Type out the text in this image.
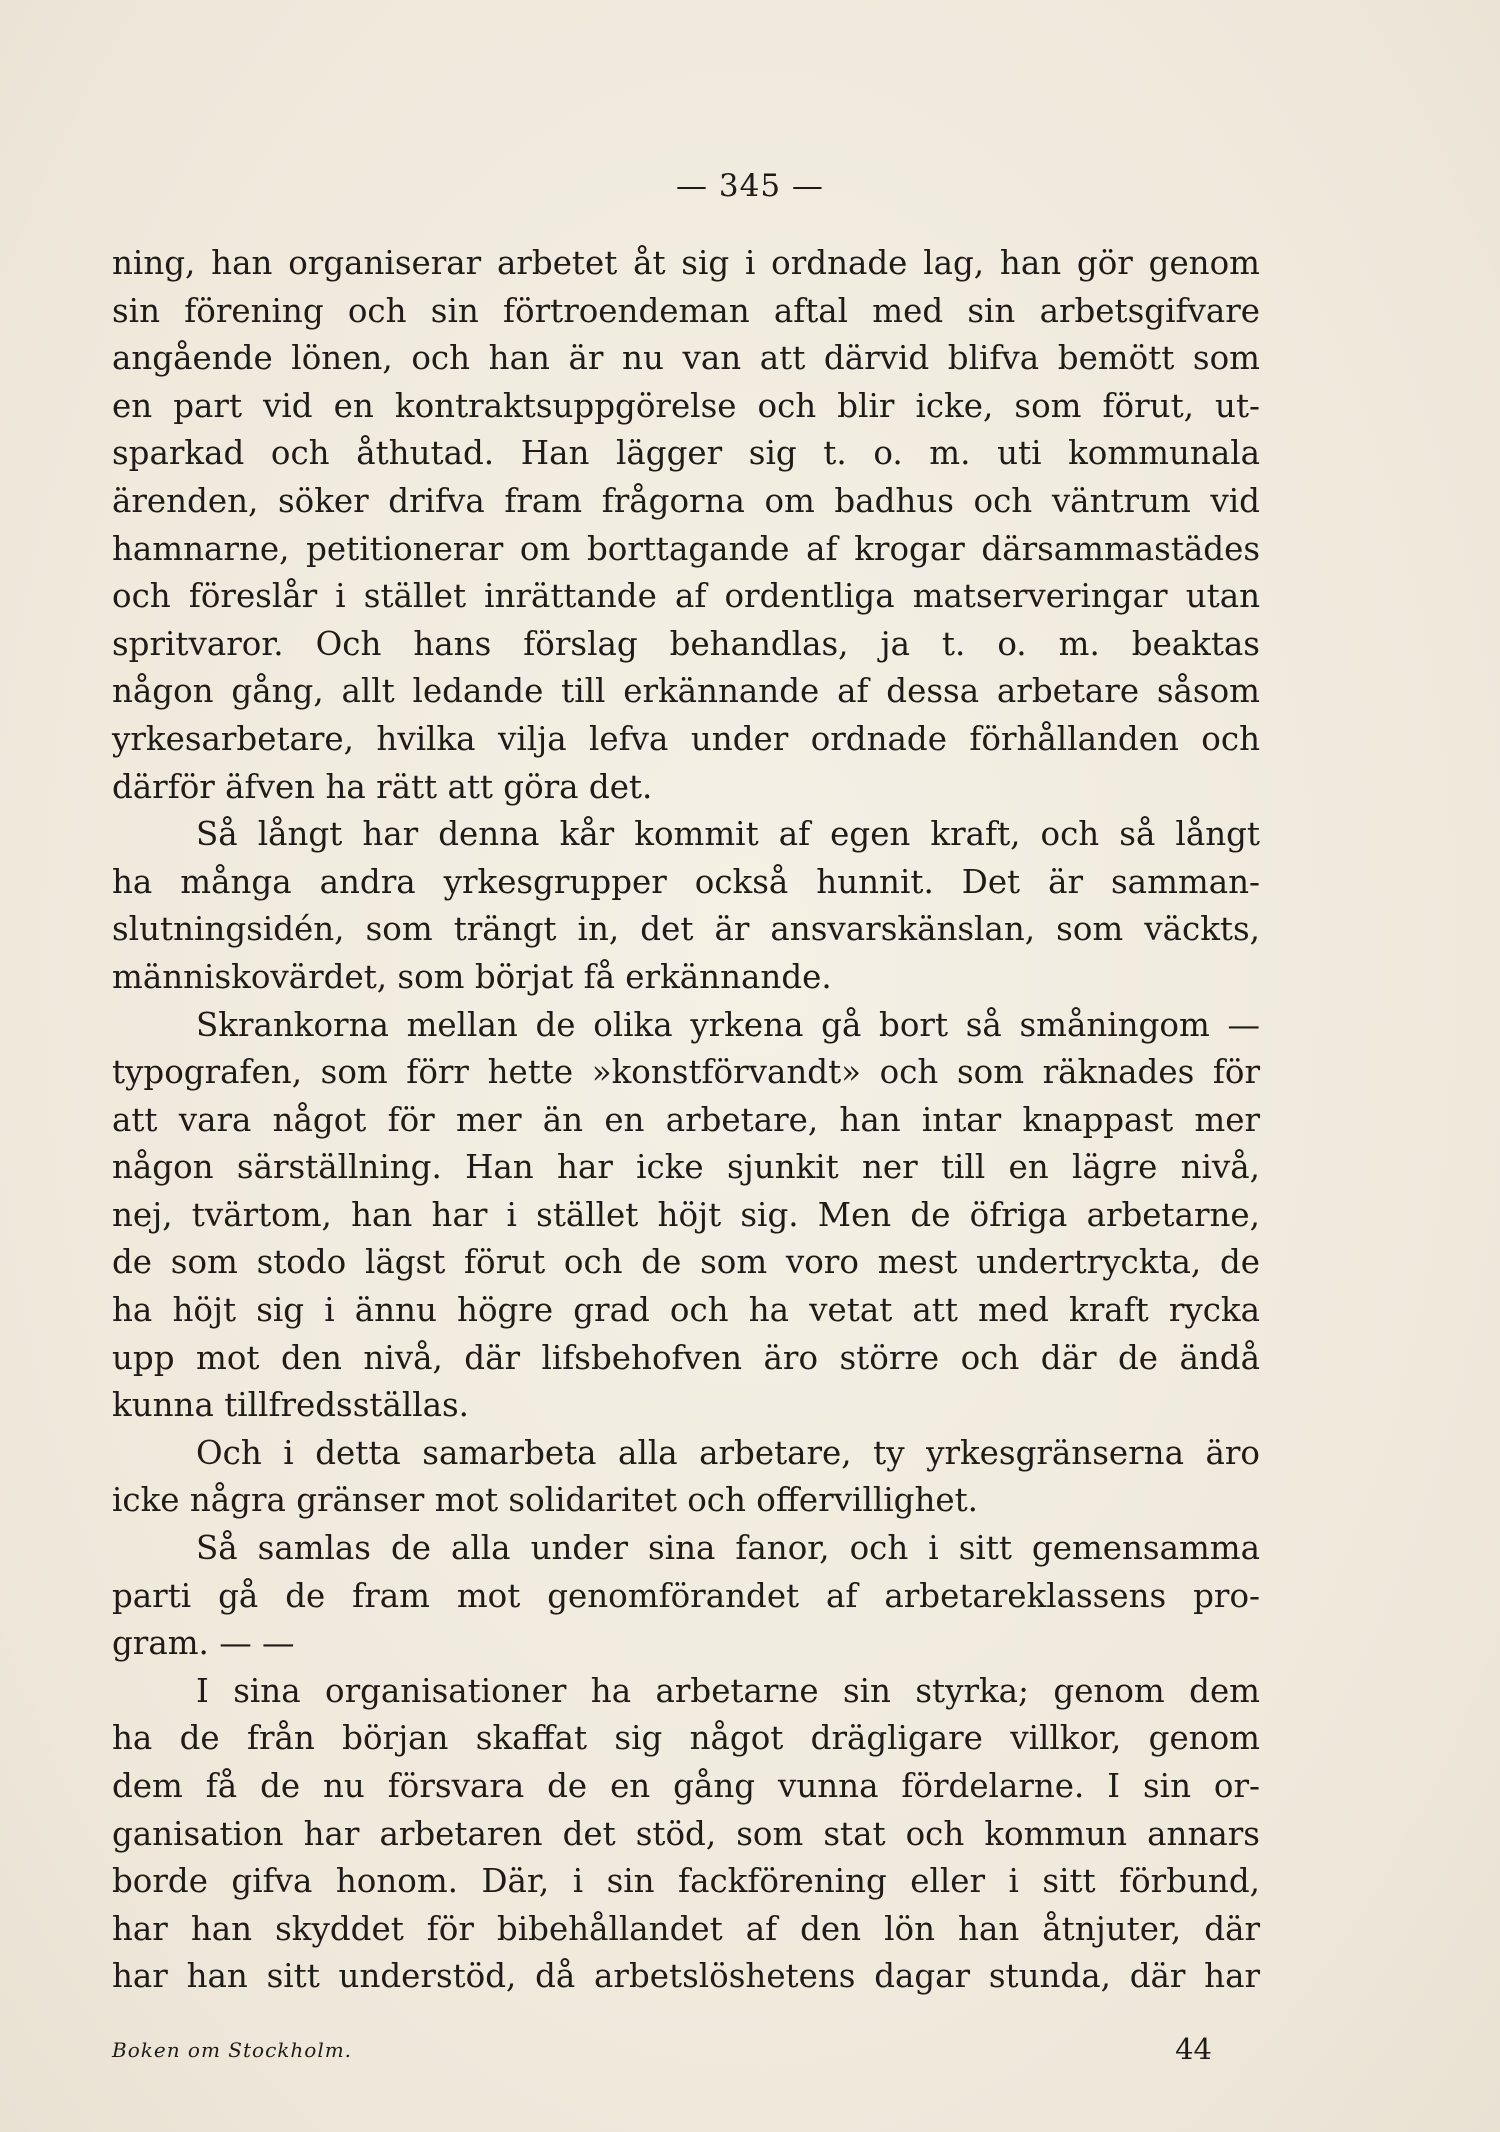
— 345 —
ning, han organiserar arbetet åt sig i ordnade lag, han gör genom
sin förening och sin förtroendeman aftal med sin arbetsgifvare
angående lönen, och han är nu van att därvid blifva bemött som
en part vid en kontraktsuppgörelse och blir icke, som förut, ut-
sparkad och åthutad. Han lägger sig t. o. m. uti kommunala
ärenden, söker drifva fram frågorna om badhus och väntrum vid
hamnarne, petitionerar om borttagande af krogar därsammastädes
och föreslår i stället inrättande af ordentliga matserveringar utan
spritvaror. Och hans förslag behandlas, ja t. o. m. beaktas
någon gång, allt ledande till erkännande af dessa arbetare såsom
yrkesarbetare, hvilka vilja lefva under ordnade förhållanden och
därför äfven ha rätt att göra det.
Så långt har denna kår kommit af egen kraft, och så långt
ha många andra yrkesgrupper också hunnit. Det är samman-
slutningsidén, som trängt in, det är ansvarskänslan, som väckts,
människovärdet, som börjat få erkännande.
Skrankorna mellan de olika yrkena gå bort så småningom —
typografen, som förr hette »konstförvandt» och som räknades för
att vara något för mer än en arbetare, han intar knappast mer
någon särställning. Han har icke sjunkit ner till en lägre nivå,
nej, tvärtom, han har i stället höjt sig. Men de öfriga arbetarne,
de som stodo lägst förut och de som voro mest undertryckta, de
ha höjt sig i ännu högre grad och ha vetat att med kraft rycka
upp mot den nivå, där lifsbehofven äro större och där de ändå
kunna tillfredsställas.
Och i detta samarbeta alla arbetare, ty yrkesgränserna äro
icke några gränser mot solidaritet och offervillighet.
Så samlas de alla under sina fanor, och i sitt gemensamma
parti gå de fram mot genomförandet af arbetareklassens pro-
gram. — —
I sina organisationer ha arbetarne sin styrka; genom dem
ha de från början skaffat sig något drägligare villkor, genom
dem få de nu försvara de en gång vunna fördelarne. I sin or-
ganisation har arbetaren det stöd, som stat och kommun annars
borde gifva honom. Där, i sin fackförening eller i sitt förbund,
har han skyddet för bibehållandet af den lön han åtnjuter, där
har han sitt understöd, då arbetslöshetens dagar stunda, där har
Boken om Stockholm.	44
